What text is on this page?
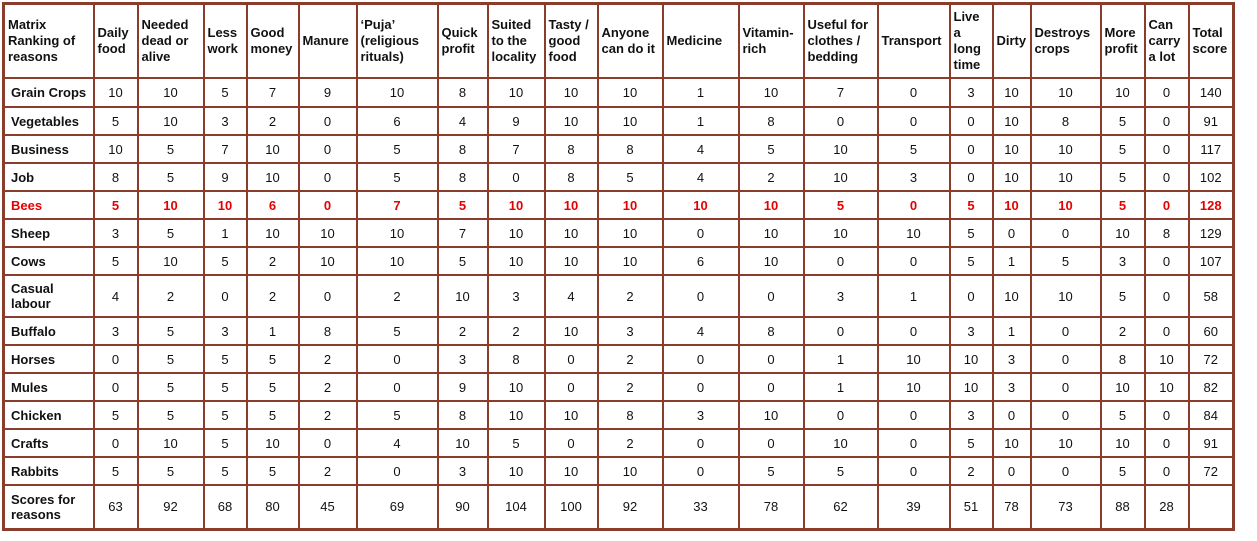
Matrix Ranking of reasons	Daily food	Needed dead or alive	Less work	Good money	Manure	‘Puja’ (religious rituals)	Quick profit	Suited to the locality	Tasty / good food	Anyone can do it	Medicine	Vitamin-rich	Useful for clothes / bedding	Transport	Live a long time	Dirty	Destroys crops	More profit	Can carry a lot	Total score
Grain Crops	10	10	5	7	9	10	8	10	10	10	1	10	7	0	3	10	10	10	0	140
Vegetables	5	10	3	2	0	6	4	9	10	10	1	8	0	0	0	10	8	5	0	91
Business	10	5	7	10	0	5	8	7	8	8	4	5	10	5	0	10	10	5	0	117
Job	8	5	9	10	0	5	8	0	8	5	4	2	10	3	0	10	10	5	0	102
Bees	5	10	10	6	0	7	5	10	10	10	10	10	5	0	5	10	10	5	0	128
Sheep	3	5	1	10	10	10	7	10	10	10	0	10	10	10	5	0	0	10	8	129
Cows	5	10	5	2	10	10	5	10	10	10	6	10	0	0	5	1	5	3	0	107
Casual labour	4	2	0	2	0	2	10	3	4	2	0	0	3	1	0	10	10	5	0	58
Buffalo	3	5	3	1	8	5	2	2	10	3	4	8	0	0	3	1	0	2	0	60
Horses	0	5	5	5	2	0	3	8	0	2	0	0	1	10	10	3	0	8	10	72
Mules	0	5	5	5	2	0	9	10	0	2	0	0	1	10	10	3	0	10	10	82
Chicken	5	5	5	5	2	5	8	10	10	8	3	10	0	0	3	0	0	5	0	84
Crafts	0	10	5	10	0	4	10	5	0	2	0	0	10	0	5	10	10	10	0	91
Rabbits	5	5	5	5	2	0	3	10	10	10	0	5	5	0	2	0	0	5	0	72
Scores for reasons	63	92	68	80	45	69	90	104	100	92	33	78	62	39	51	78	73	88	28	
